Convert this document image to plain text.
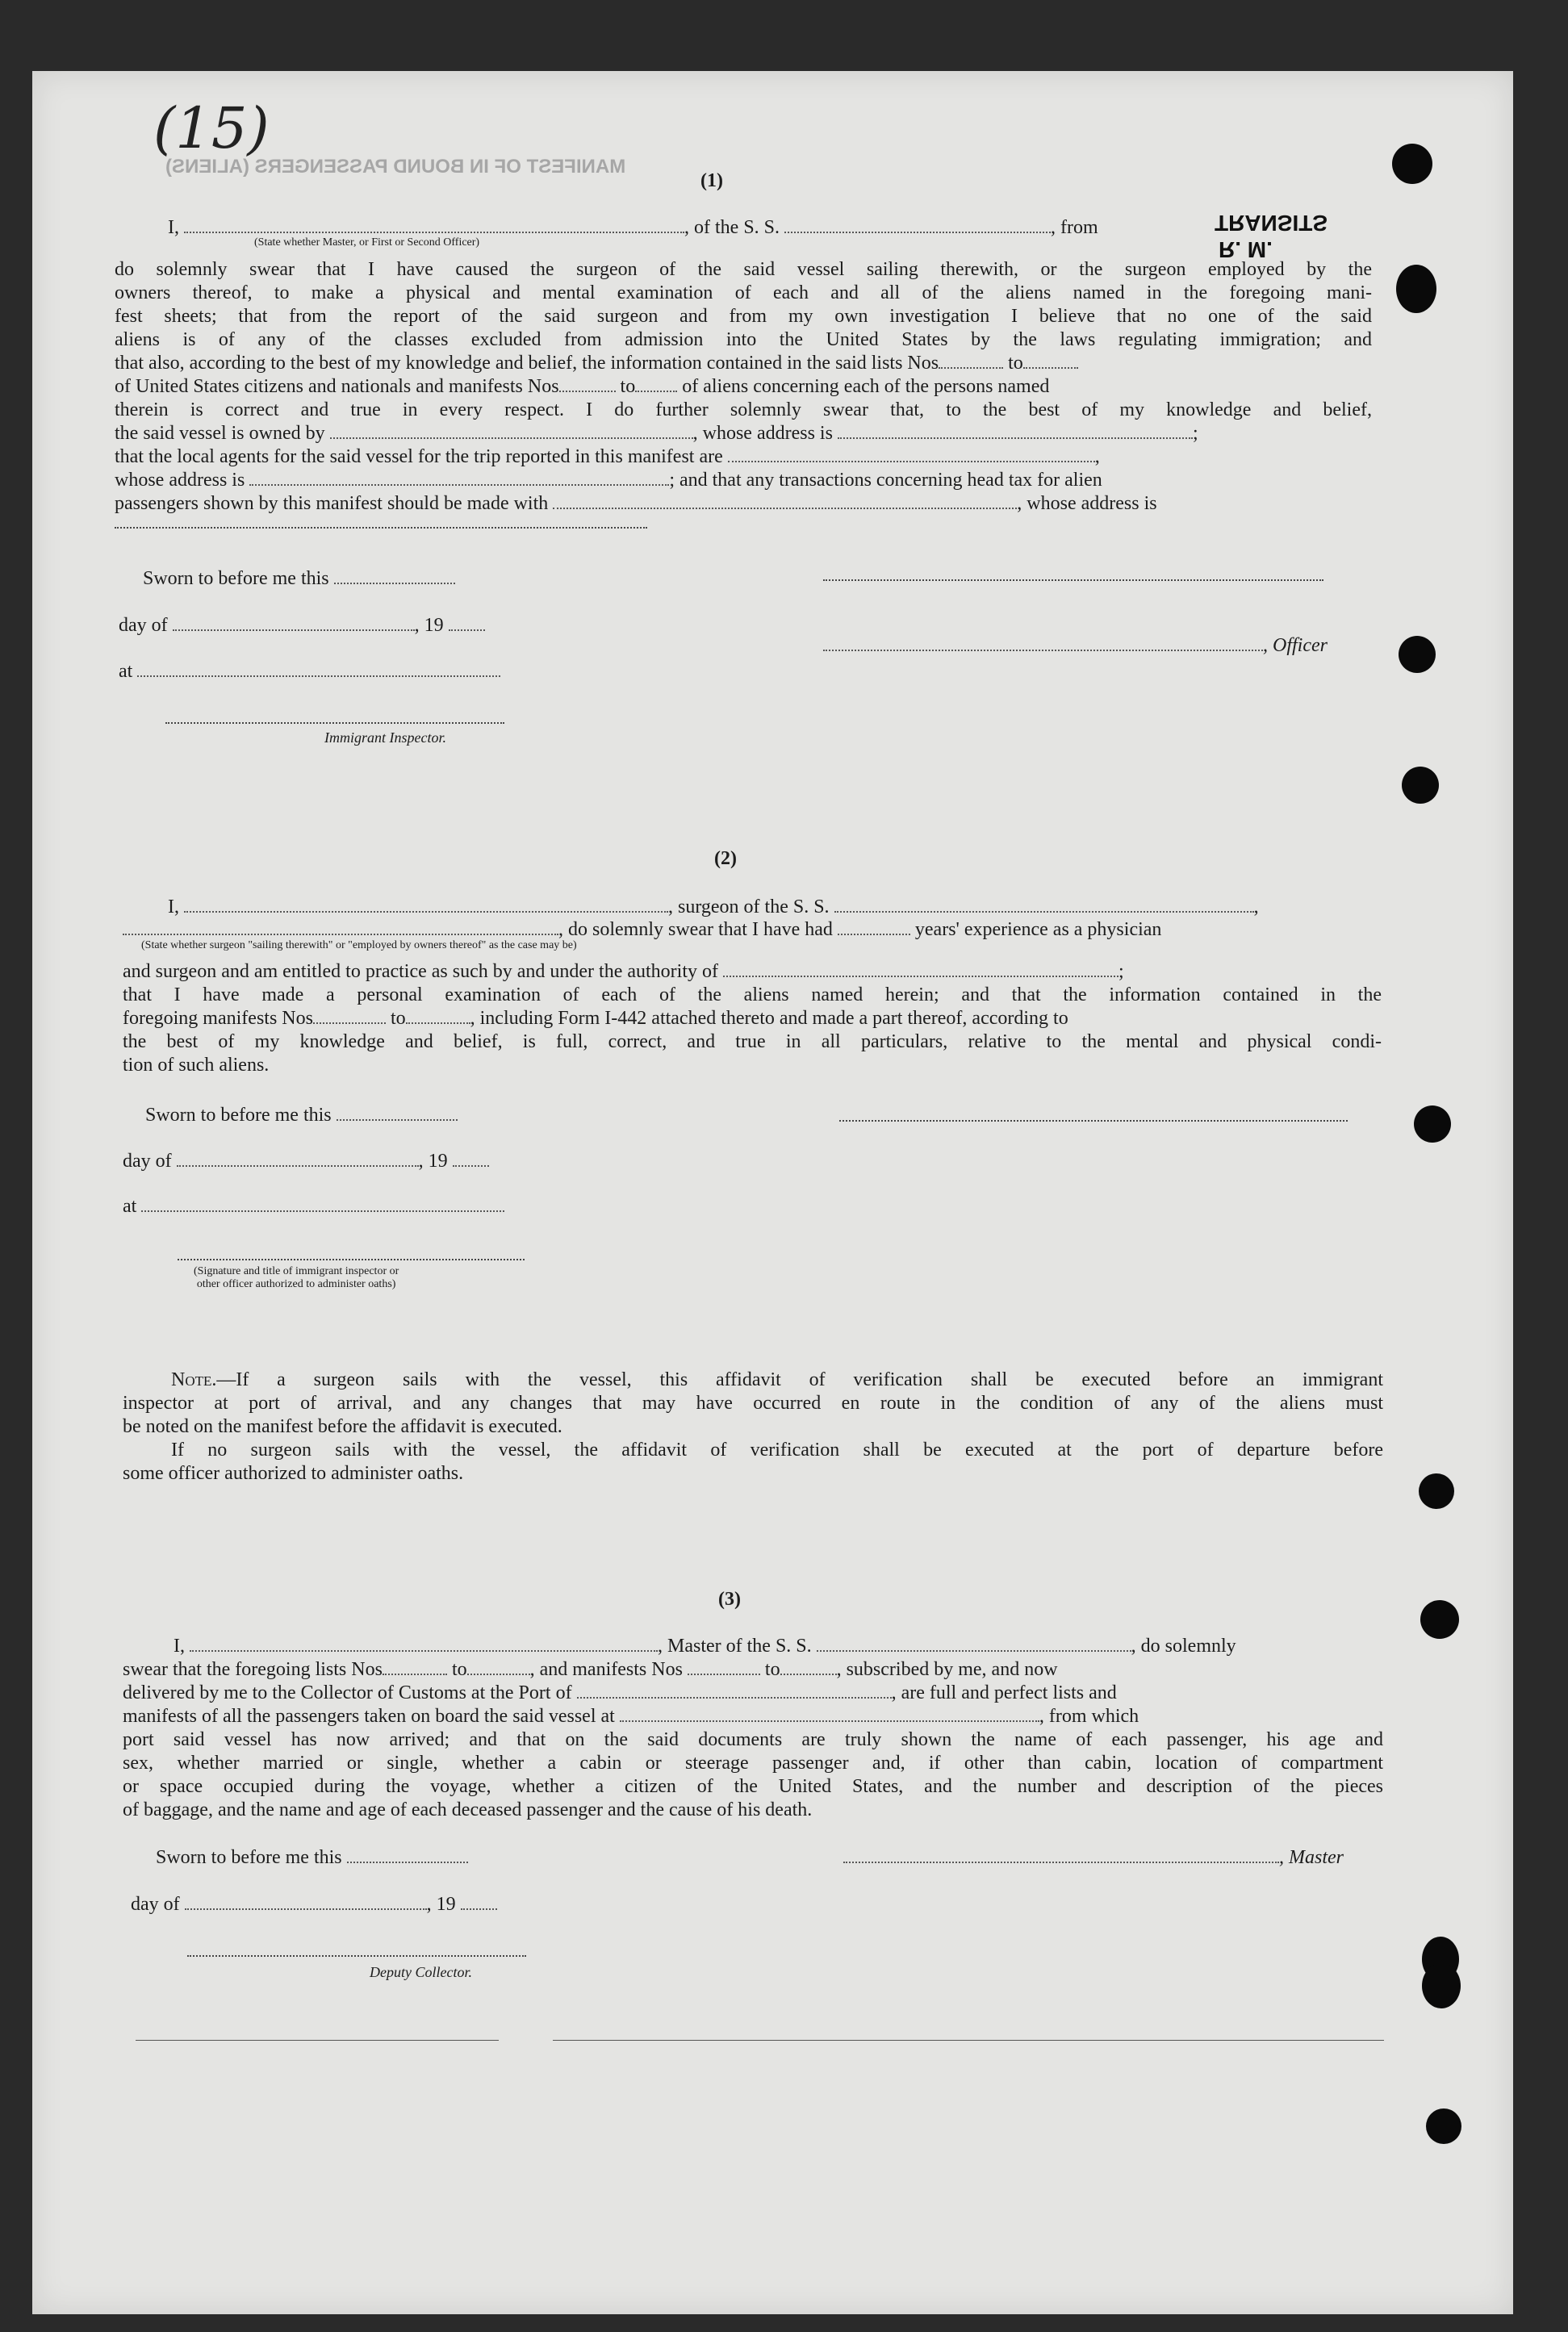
(15)
MANIFEST OF IN BOUND PASSENGERS (ALIENS)
TRANSITS
R. M.
(1)
I,	, of the S. S.	, from
(State whether Master, or First or Second Officer)
do solemnly swear that I have caused the surgeon of the said vessel sailing therewith, or the surgeon employed by the
owners thereof, to make a physical and mental examination of each and all of the aliens named in the foregoing mani-
fest sheets; that from the report of the said surgeon and from my own investigation I believe that no one of the said
aliens is of any of the classes excluded from admission into the United States by the laws regulating immigration; and
that also, according to the best of my knowledge and belief, the information contained in the said lists Nos	to
of United States citizens and nationals and manifests Nos	to of aliens concerning each of the persons named
therein is correct and true in every respect. I do further solemnly swear that, to the best of my knowledge and belief,
the said vessel is owned by	, whose address is	;
that the local agents for the said vessel for the trip reported in this manifest are	,
whose address is	; and that any transactions concerning head tax for alien
passengers shown by this manifest should be made with	, whose address is
Sworn to before me this
day of	, 19
at
Immigrant Inspector.
, Officer
(2)
I,	, surgeon of the S. S.	,
, do solemnly swear that I have had	years' experience as a physician
(State whether surgeon "sailing therewith" or "employed by owners thereof" as the case may be)
and surgeon and am entitled to practice as such by and under the authority of	;
that I have made a personal examination of each of the aliens named herein; and that the information contained in the
foregoing manifests Nos	to	, including Form I-442 attached thereto and made a part thereof, according to
the best of my knowledge and belief, is full, correct, and true in all particulars, relative to the mental and physical condi-
tion of such aliens.
Sworn to before me this
day of	, 19
at
(Signature and title of immigrant inspector or
other officer authorized to administer oaths)
Note.—If a surgeon sails with the vessel, this affidavit of verification shall be executed before an immigrant
inspector at port of arrival, and any changes that may have occurred en route in the condition of any of the aliens must
be noted on the manifest before the affidavit is executed.
If no surgeon sails with the vessel, the affidavit of verification shall be executed at the port of departure before
some officer authorized to administer oaths.
(3)
I,	, Master of the S. S.	, do solemnly
swear that the foregoing lists Nos	to	, and manifests Nos	to	, subscribed by me, and now
delivered by me to the Collector of Customs at the Port of	, are full and perfect lists and
manifests of all the passengers taken on board the said vessel at	, from which
port said vessel has now arrived; and that on the said documents are truly shown the name of each passenger, his age and
sex, whether married or single, whether a cabin or steerage passenger and, if other than cabin, location of compartment
or space occupied during the voyage, whether a citizen of the United States, and the number and description of the pieces
of baggage, and the name and age of each deceased passenger and the cause of his death.
Sworn to before me this
day of	, 19
Deputy Collector.
, Master
